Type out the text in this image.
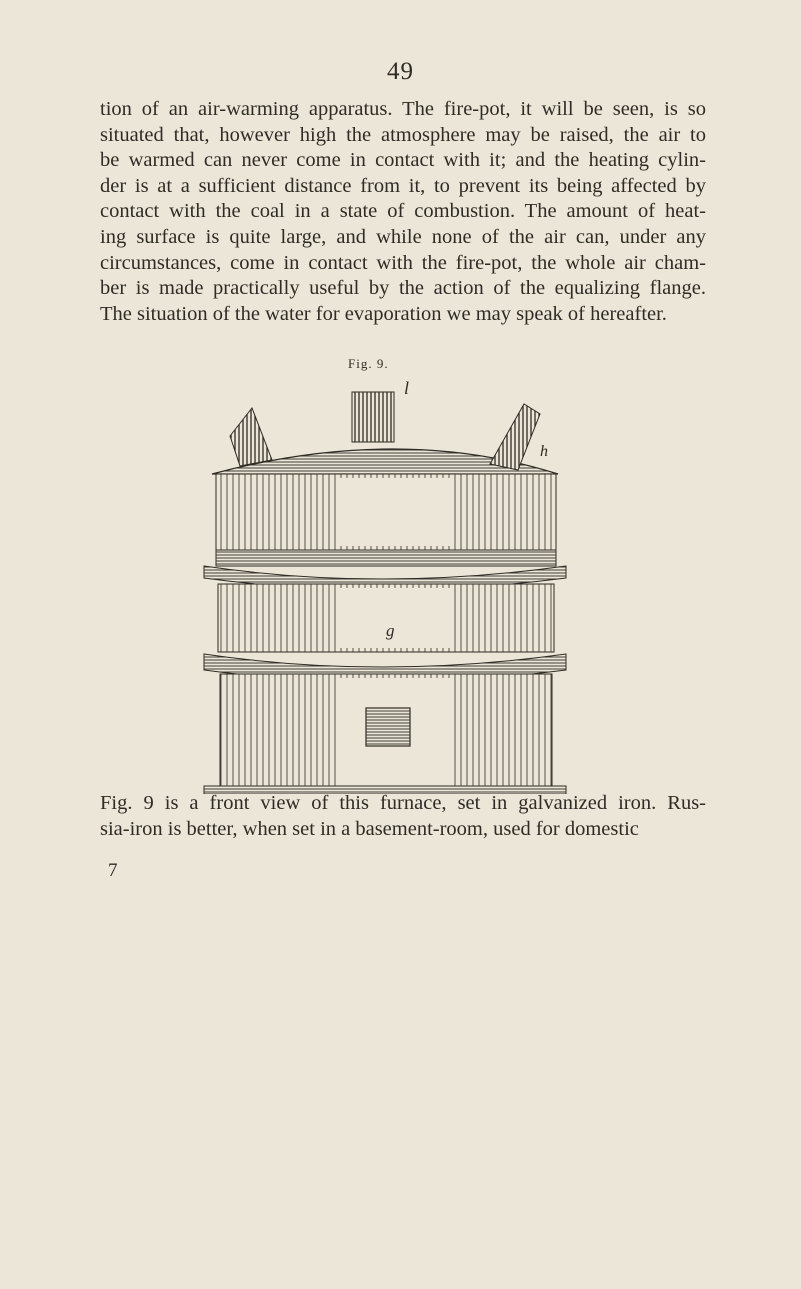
49

tion of an air-warming apparatus. The fire-pot, it will be seen, is so
situated that, however high the atmosphere may be raised, the air to
be warmed can never come in contact with it; and the heating cylin-
der is at a sufficient distance from it, to prevent its being affected by
contact with the coal in a state of combustion. The amount of heat-
ing surface is quite large, and while none of the air can, under any
circumstances, come in contact with the fire-pot, the whole air cham-
ber is made practically useful by the action of the equalizing flange.
The situation of the water for evaporation we may speak of hereafter.

Fig. 9.
l
h
g

Fig. 9 is a front view of this furnace, set in galvanized iron. Rus-
sia-iron is better, when set in a basement-room, used for domestic

7
